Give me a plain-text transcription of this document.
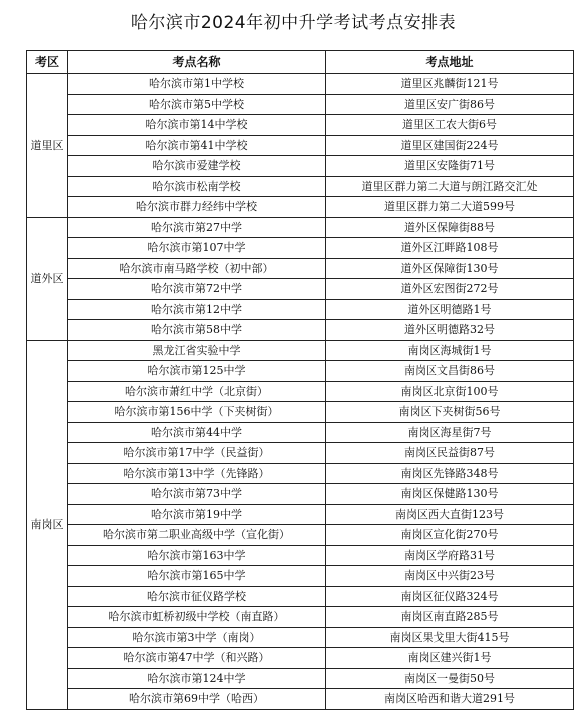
哈尔滨市2024年初中升学考试考点安排表
考区	考点名称	考点地址
道里区	哈尔滨市第1中学校	道里区兆麟街121号
	哈尔滨市第5中学校	道里区安广街86号
	哈尔滨市第14中学校	道里区工农大街6号
	哈尔滨市第41中学校	道里区建国街224号
	哈尔滨市爱建学校	道里区安隆街71号
	哈尔滨市松南学校	道里区群力第二大道与朗江路交汇处
	哈尔滨市群力经纬中学校	道里区群力第二大道599号
道外区	哈尔滨市第27中学	道外区保障街88号
	哈尔滨市第107中学	道外区江畔路108号
	哈尔滨市南马路学校（初中部）	道外区保障街130号
	哈尔滨市第72中学	道外区宏图街272号
	哈尔滨市第12中学	道外区明德路1号
	哈尔滨市第58中学	道外区明德路32号
南岗区	黑龙江省实验中学	南岗区海城街1号
	哈尔滨市第125中学	南岗区文昌街86号
	哈尔滨市萧红中学（北京街）	南岗区北京街100号
	哈尔滨市第156中学（下夹树街）	南岗区下夹树街56号
	哈尔滨市第44中学	南岗区海星街7号
	哈尔滨市第17中学（民益街）	南岗区民益街87号
	哈尔滨市第13中学（先锋路）	南岗区先锋路348号
	哈尔滨市第73中学	南岗区保健路130号
	哈尔滨市第19中学	南岗区西大直街123号
	哈尔滨市第二职业高级中学（宣化街）	南岗区宣化街270号
	哈尔滨市第163中学	南岗区学府路31号
	哈尔滨市第165中学	南岗区中兴街23号
	哈尔滨市征仪路学校	南岗区征仪路324号
	哈尔滨市虹桥初级中学校（南直路）	南岗区南直路285号
	哈尔滨市第3中学（南岗）	南岗区果戈里大街415号
	哈尔滨市第47中学（和兴路）	南岗区建兴街1号
	哈尔滨市第124中学	南岗区一曼街50号
	哈尔滨市第69中学（哈西）	南岗区哈西和谐大道291号
